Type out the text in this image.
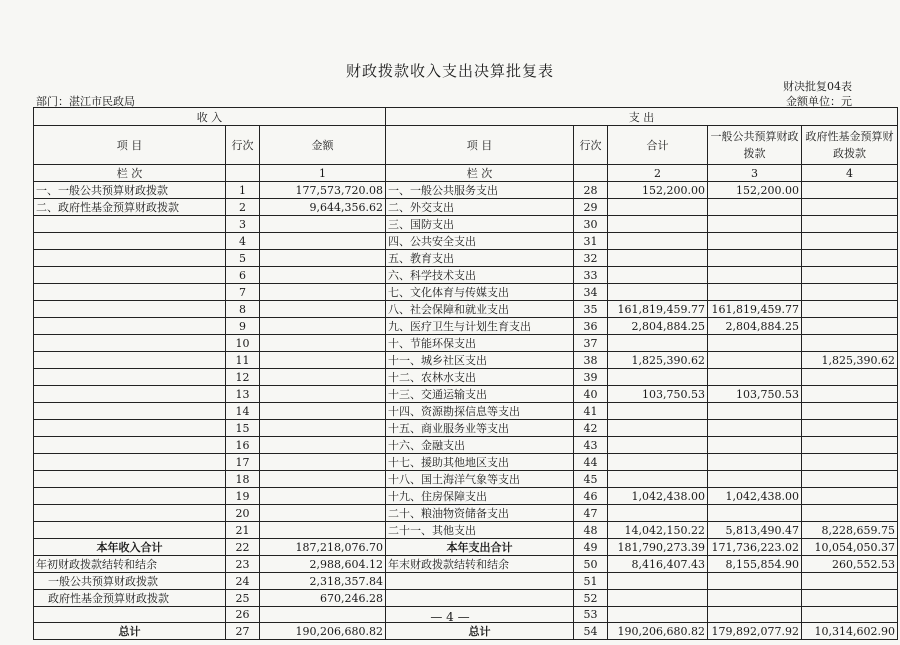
财政拨款收入支出决算批复表
财决批复04表
部门：湛江市民政局	金额单位：元
收 入			支 出				
项 目	行次	金额	项 目	行次	合计	一般公共预算财政拨款	政府性基金预算财政拨款
栏 次		1	栏 次		2	3	4
一、一般公共预算财政拨款	1	177,573,720.08	一、一般公共服务支出	28	152,200.00	152,200.00	
二、政府性基金预算财政拨款	2	9,644,356.62	二、外交支出	29			
	3		三、国防支出	30			
	4		四、公共安全支出	31			
	5		五、教育支出	32			
	6		六、科学技术支出	33			
	7		七、文化体育与传媒支出	34			
	8		八、社会保障和就业支出	35	161,819,459.77	161,819,459.77	
	9		九、医疗卫生与计划生育支出	36	2,804,884.25	2,804,884.25	
	10		十、节能环保支出	37			
	11		十一、城乡社区支出	38	1,825,390.62		1,825,390.62
	12		十二、农林水支出	39			
	13		十三、交通运输支出	40	103,750.53	103,750.53	
	14		十四、资源勘探信息等支出	41			
	15		十五、商业服务业等支出	42			
	16		十六、金融支出	43			
	17		十七、援助其他地区支出	44			
	18		十八、国土海洋气象等支出	45			
	19		十九、住房保障支出	46	1,042,438.00	1,042,438.00	
	20		二十、粮油物资储备支出	47			
	21		二十一、其他支出	48	14,042,150.22	5,813,490.47	8,228,659.75
本年收入合计	22	187,218,076.70	本年支出合计	49	181,790,273.39	171,736,223.02	10,054,050.37
年初财政拨款结转和结余	23	2,988,604.12	年末财政拨款结转和结余	50	8,416,407.43	8,155,854.90	260,552.53
一般公共预算财政拨款	24	2,318,357.84		51			
政府性基金预算财政拨款	25	670,246.28		52			
	26			53			
总计	27	190,206,680.82	总计	54	190,206,680.82	179,892,077.92	10,314,602.90
— 4 —
